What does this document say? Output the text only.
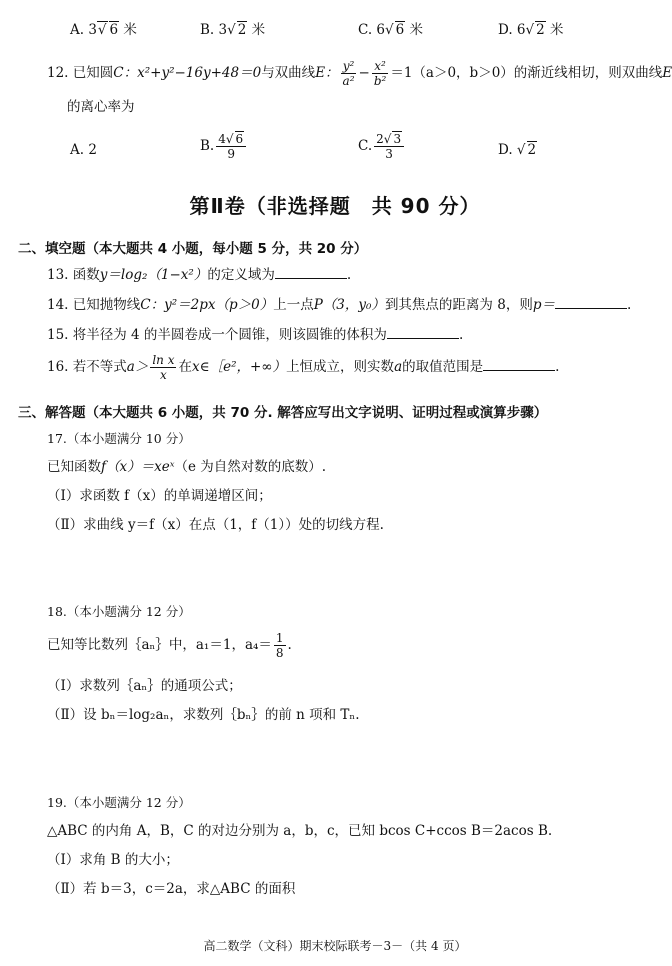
A. 3√ 6 米	B. 3√ 2 米	C. 6√ 6 米	D. 6√ 2 米
12. 已知圆C：x²+y²−16y+48＝0与双曲线E： $\frac{\text{y²}}{\text{a²}} - \frac{\text{x²}}{\text{b²}} =1(a>0$，b＞0）的渐近线相切，则双曲线E
的离心率为
A. 2	B. $\frac{4√ 6}{9}$	C. $\frac{2√ 3}{3}$	D. √ 2
第Ⅱ卷（非选择题　共 90 分）
二、填空题（本大题共 4 小题，每小题 5 分，共 20 分）
13. 函数y＝log₂（1−x²）的定义域为	.
14. 已知抛物线C：y²＝2px（p＞0）上一点P（3，y₀）到其焦点的距离为 8，则p＝	.
15. 将半径为 4 的半圆卷成一个圆锥，则该圆锥的体积为	.
16. 若不等式$a> \frac{\text{ln x}}{x}$ 在x∈［e²，+∞）上恒成立，则实数a的取值范围是	.
三、解答题（本大题共 6 小题，共 70 分. 解答应写出文字说明、证明过程或演算步骤）
17.（本小题满分 10 分）
已知函数f（x）＝xeˣ（e 为自然对数的底数）.
（Ⅰ）求函数 f（x）的单调递增区间；
（Ⅱ）求曲线 y＝f（x）在点（1，f（1））处的切线方程.
18.（本小题满分 12 分）
已知等比数列｛aₙ｝中，a₁＝1，$a_4= \frac{1}{8}$ .
（Ⅰ）求数列｛aₙ｝的通项公式；
（Ⅱ）设 bₙ＝log₂aₙ，求数列｛bₙ｝的前 n 项和 Tₙ.
19.（本小题满分 12 分）
△ABC 的内角 A，B，C 的对边分别为 a，b，c，已知 bcos C+ccos B＝2acos B.
（Ⅰ）求角 B 的大小；
（Ⅱ）若 b＝3，c＝2a，求△ABC 的面积
高二数学（文科）期末校际联考－3－（共 4 页）
